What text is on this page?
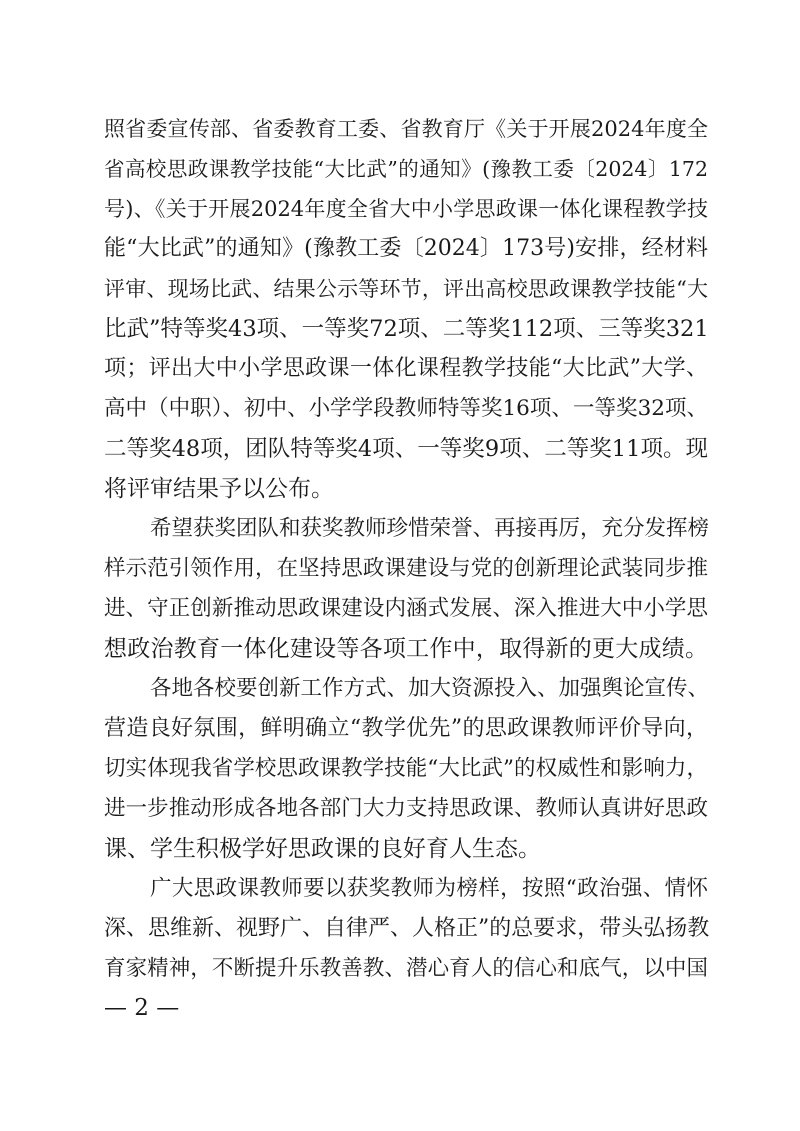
照省委宣传部、省委教育工委、省教育厅《关于开展2024年度全
省高校思政课教学技能“大比武”的通知》(豫教工委〔2024〕172
号)、《关于开展2024年度全省大中小学思政课一体化课程教学技
能“大比武”的通知》(豫教工委〔2024〕173号)安排，经材料
评审、现场比武、结果公示等环节，评出高校思政课教学技能“大
比武”特等奖43项、一等奖72项、二等奖112项、三等奖321
项；评出大中小学思政课一体化课程教学技能“大比武”大学、
高中（中职）、初中、小学学段教师特等奖16项、一等奖32项、
二等奖48项，团队特等奖4项、一等奖9项、二等奖11项。现
将评审结果予以公布。
希望获奖团队和获奖教师珍惜荣誉、再接再厉，充分发挥榜
样示范引领作用，在坚持思政课建设与党的创新理论武装同步推
进、守正创新推动思政课建设内涵式发展、深入推进大中小学思
想政治教育一体化建设等各项工作中，取得新的更大成绩。
各地各校要创新工作方式、加大资源投入、加强舆论宣传、
营造良好氛围，鲜明确立“教学优先”的思政课教师评价导向，
切实体现我省学校思政课教学技能“大比武”的权威性和影响力，
进一步推动形成各地各部门大力支持思政课、教师认真讲好思政
课、学生积极学好思政课的良好育人生态。
广大思政课教师要以获奖教师为榜样，按照“政治强、情怀
深、思维新、视野广、自律严、人格正”的总要求，带头弘扬教
育家精神，不断提升乐教善教、潜心育人的信心和底气，以中国
— 2 —
